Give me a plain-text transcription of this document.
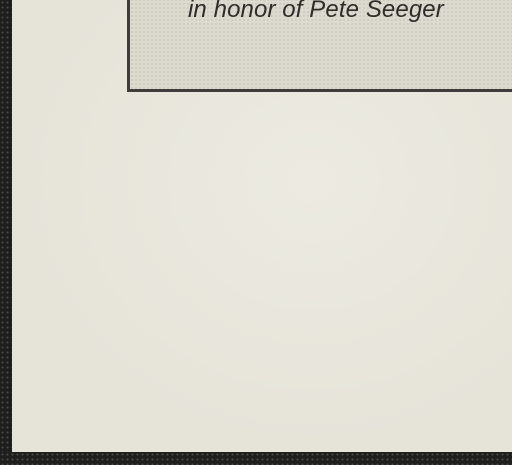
in honor of Pete Seeger
